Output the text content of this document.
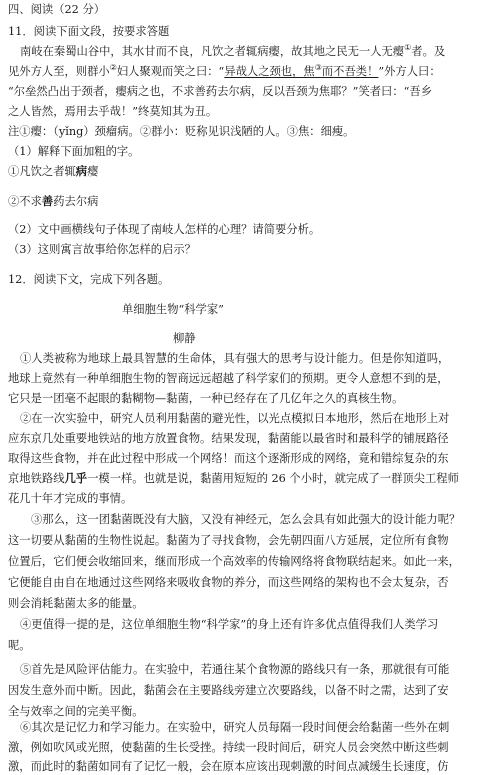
四、阅读（22 分）
11．阅读下面文段，按要求答题
南岐在秦蜀山谷中，其水甘而不良，凡饮之者辄病瘿，故其地之民无一人无瘿①者。及
见外方人至，则群小②妇人聚观而笑之曰：“异哉人之颈也，焦③而不吾类！”外方人曰：
“尔垒然凸出于颈者，瘿病之也，不求善药去尔病，反以吾颈为焦耶？”笑者曰：“吾乡
之人皆然，焉用去乎哉！”终莫知其为丑。
注①瘿：（yǐng）颈瘤病。②群小：贬称见识浅陋的人。③焦：细瘦。
（1）解释下面加粗的字。
①凡饮之者辄病瘿
②不求善药去尔病
（2）文中画横线句子体现了南岐人怎样的心理？请简要分析。
（3）这则寓言故事给你怎样的启示？
12．阅读下文，完成下列各题。
单细胞生物“科学家”
柳静
①人类被称为地球上最具智慧的生命体，具有强大的思考与设计能力。但是你知道吗，
地球上竟然有一种单细胞生物的智商远远超越了科学家们的预期。更令人意想不到的是，
它只是一团毫不起眼的黏糊物—黏菌，一种已经存在了几亿年之久的真核生物。
②在一次实验中，研究人员利用黏菌的避光性，以光点模拟日本地形，然后在地形上对
应东京几处重要地铁站的地方放置食物。结果发现，黏菌能以最省时和最科学的铺展路径
取得这些食物，并在此过程中形成一个网络！而这个逐渐形成的网络，竟和错综复杂的东
京地铁路线几乎一模一样。也就是说，黏菌用短短的 26 个小时，就完成了一群顶尖工程师
花几十年才完成的事情。
③那么，这一团黏菌既没有大脑，又没有神经元，怎么会具有如此强大的设计能力呢？
这一切要从黏菌的生物性说起。黏菌为了寻找食物，会先朝四面八方延展，定位所有食物
位置后，它们便会收缩回来，继而形成一个高效率的传输网络将食物联结起来。如此一来，
它便能自由自在地通过这些网络来吸收食物的养分，而这些网络的架构也不会太复杂，否
则会消耗黏菌太多的能量。
④更值得一提的是，这位单细胞生物“科学家”的身上还有许多优点值得我们人类学习
呢。
⑤首先是风险评估能力。在实验中，若通往某个食物源的路线只有一条，那就很有可能
因发生意外而中断。因此，黏菌会在主要路线旁建立次要路线，以备不时之需，达到了安
全与效率之间的完美平衡。
⑥其次是记忆力和学习能力。在实验中，研究人员每隔一段时间便会给黏菌一些外在刺
激，例如吹风或光照，使黏菌的生长受挫。持续一段时间后，研究人员会突然中断这些刺
激，而此时的黏菌如同有了记忆一般，会在原本应该出现刺激的时间点减缓生长速度，仿
